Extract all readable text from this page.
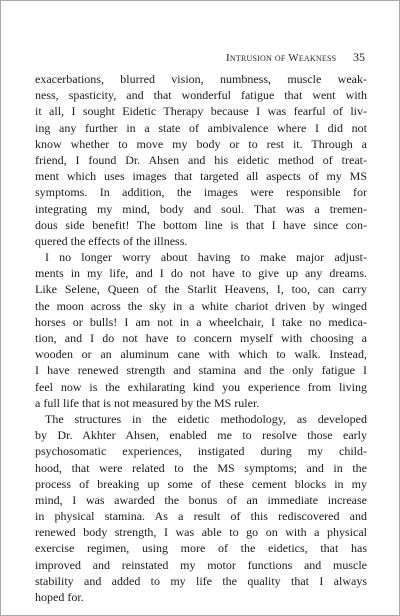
Intrusion of Weakness 35
exacerbations, blurred vision, numbness, muscle weak-
ness, spasticity, and that wonderful fatigue that went with
it all, I sought Eidetic Therapy because I was fearful of liv-
ing any further in a state of ambivalence where I did not
know whether to move my body or to rest it. Through a
friend, I found Dr. Ahsen and his eidetic method of treat-
ment which uses images that targeted all aspects of my MS
symptoms. In addition, the images were responsible for
integrating my mind, body and soul. That was a tremen-
dous side benefit! The bottom line is that I have since con-
quered the effects of the illness.
I no longer worry about having to make major adjust-
ments in my life, and I do not have to give up any dreams.
Like Selene, Queen of the Starlit Heavens, I, too, can carry
the moon across the sky in a white chariot driven by winged
horses or bulls! I am not in a wheelchair, I take no medica-
tion, and I do not have to concern myself with choosing a
wooden or an aluminum cane with which to walk. Instead,
I have renewed strength and stamina and the only fatigue I
feel now is the exhilarating kind you experience from living
a full life that is not measured by the MS ruler.
The structures in the eidetic methodology, as developed
by Dr. Akhter Ahsen, enabled me to resolve those early
psychosomatic experiences, instigated during my child-
hood, that were related to the MS symptoms; and in the
process of breaking up some of these cement blocks in my
mind, I was awarded the bonus of an immediate increase
in physical stamina. As a result of this rediscovered and
renewed body strength, I was able to go on with a physical
exercise regimen, using more of the eidetics, that has
improved and reinstated my motor functions and muscle
stability and added to my life the quality that I always
hoped for.
